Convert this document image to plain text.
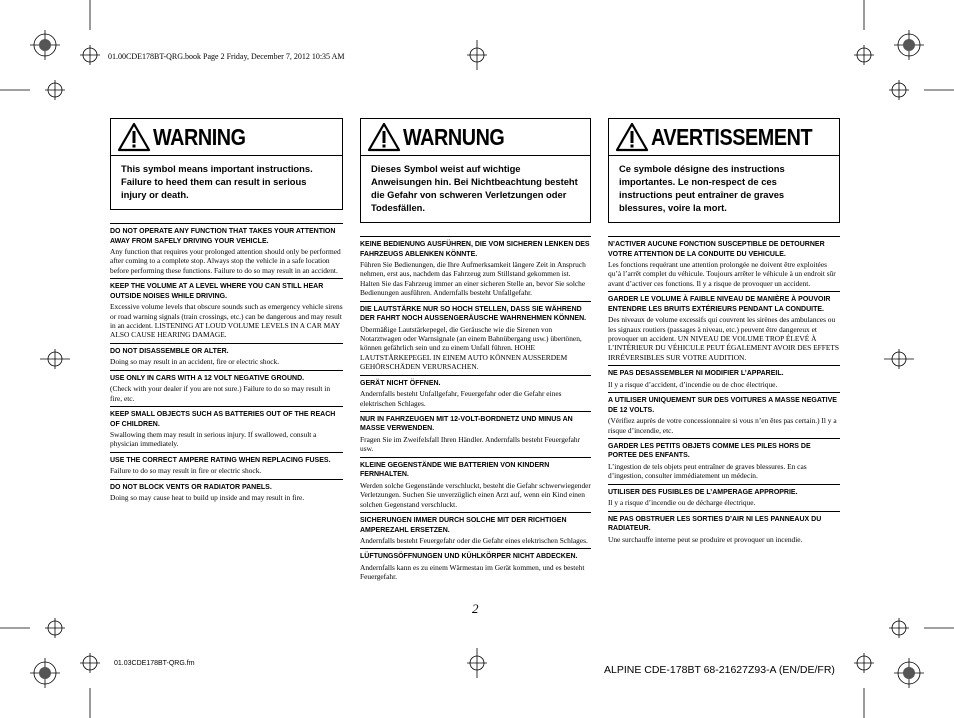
01.00CDE178BT-QRG.book Page 2 Friday, December 7, 2012 10:35 AM
WARNING
This symbol means important instructions. Failure to heed them can result in serious injury or death.
DO NOT OPERATE ANY FUNCTION THAT TAKES YOUR ATTENTION AWAY FROM SAFELY DRIVING YOUR VEHICLE.
Any function that requires your prolonged attention should only be performed after coming to a complete stop. Always stop the vehicle in a safe location before performing these functions. Failure to do so may result in an accident.
KEEP THE VOLUME AT A LEVEL WHERE YOU CAN STILL HEAR OUTSIDE NOISES WHILE DRIVING.
Excessive volume levels that obscure sounds such as emergency vehicle sirens or road warning signals (train crossings, etc.) can be dangerous and may result in an accident. LISTENING AT LOUD VOLUME LEVELS IN A CAR MAY ALSO CAUSE HEARING DAMAGE.
DO NOT DISASSEMBLE OR ALTER.
Doing so may result in an accident, fire or electric shock.
USE ONLY IN CARS WITH A 12 VOLT NEGATIVE GROUND.
(Check with your dealer if you are not sure.) Failure to do so may result in fire, etc.
KEEP SMALL OBJECTS SUCH AS BATTERIES OUT OF THE REACH OF CHILDREN.
Swallowing them may result in serious injury. If swallowed, consult a physician immediately.
USE THE CORRECT AMPERE RATING WHEN REPLACING FUSES.
Failure to do so may result in fire or electric shock.
DO NOT BLOCK VENTS OR RADIATOR PANELS.
Doing so may cause heat to build up inside and may result in fire.
WARNUNG
Dieses Symbol weist auf wichtige Anweisungen hin. Bei Nichtbeachtung besteht die Gefahr von schweren Verletzungen oder Todesfällen.
KEINE BEDIENUNG AUSFÜHREN, DIE VOM SICHEREN LENKEN DES FAHRZEUGS ABLENKEN KÖNNTE.
Führen Sie Bedienungen, die Ihre Aufmerksamkeit längere Zeit in Anspruch nehmen, erst aus, nachdem das Fahrzeug zum Stillstand gekommen ist. Halten Sie das Fahrzeug immer an einer sicheren Stelle an, bevor Sie solche Bedienungen ausführen. Andernfalls besteht Unfallgefahr.
DIE LAUTSTÄRKE NUR SO HOCH STELLEN, DASS SIE WÄHREND DER FAHRT NOCH AUSSENGERÄUSCHE WAHRNEHMEN KÖNNEN.
Übermäßige Lautstärkepegel, die Geräusche wie die Sirenen von Notarztwagen oder Warnsignale (an einem Bahnübergang usw.) übertönen, können gefährlich sein und zu einem Unfall führen. HOHE LAUTSTÄRKEPEGEL IN EINEM AUTO KÖNNEN AUSSERDEM GEHÖRSCHÄDEN VERURSACHEN.
GERÄT NICHT ÖFFNEN.
Andernfalls besteht Unfallgefahr, Feuergefahr oder die Gefahr eines elektrischen Schlages.
NUR IN FAHRZEUGEN MIT 12-VOLT-BORDNETZ UND MINUS AN MASSE VERWENDEN.
Fragen Sie im Zweifelsfall Ihren Händler. Andernfalls besteht Feuergefahr usw.
KLEINE GEGENSTÄNDE WIE BATTERIEN VON KINDERN FERNHALTEN.
Werden solche Gegenstände verschluckt, besteht die Gefahr schwerwiegender Verletzungen. Suchen Sie unverzüglich einen Arzt auf, wenn ein Kind einen solchen Gegenstand verschluckt.
SICHERUNGEN IMMER DURCH SOLCHE MIT DER RICHTIGEN AMPEREZAHL ERSETZEN.
Andernfalls besteht Feuergefahr oder die Gefahr eines elektrischen Schlages.
LÜFTUNGSÖFFNUNGEN UND KÜHLKÖRPER NICHT ABDECKEN.
Andernfalls kann es zu einem Wärmestau im Gerät kommen, und es besteht Feuergefahr.
AVERTISSEMENT
Ce symbole désigne des instructions importantes. Le non-respect de ces instructions peut entraîner de graves blessures, voire la mort.
N’ACTIVER AUCUNE FONCTION SUSCEPTIBLE DE DETOURNER VOTRE ATTENTION DE LA CONDUITE DU VEHICULE.
Les fonctions requérant une attention prolongée ne doivent être exploitées qu’à l’arrêt complet du véhicule. Toujours arrêter le véhicule à un endroit sûr avant d’activer ces fonctions. Il y a risque de provoquer un accident.
GARDER LE VOLUME À FAIBLE NIVEAU DE MANIÈRE À POUVOIR ENTENDRE LES BRUITS EXTÉRIEURS PENDANT LA CONDUITE.
Des niveaux de volume excessifs qui couvrent les sirènes des ambulances ou les signaux routiers (passages à niveau, etc.) peuvent être dangereux et provoquer un accident. UN NIVEAU DE VOLUME TROP ÉLEVÉ À L’INTÉRIEUR DU VÉHICULE PEUT ÉGALEMENT AVOIR DES EFFETS IRRÉVERSIBLES SUR VOTRE AUDITION.
NE PAS DESASSEMBLER NI MODIFIER L’APPAREIL.
Il y a risque d’accident, d’incendie ou de choc électrique.
A UTILISER UNIQUEMENT SUR DES VOITURES A MASSE NEGATIVE DE 12 VOLTS.
(Vérifiez auprès de votre concessionnaire si vous n’en êtes pas certain.) Il y a risque d’incendie, etc.
GARDER LES PETITS OBJETS COMME LES PILES HORS DE PORTEE DES ENFANTS.
L’ingestion de tels objets peut entraîner de graves blessures. En cas d’ingestion, consulter immédiatement un médecin.
UTILISER DES FUSIBLES DE L’AMPERAGE APPROPRIE.
Il y a risque d’incendie ou de décharge électrique.
NE PAS OBSTRUER LES SORTIES D’AIR NI LES PANNEAUX DU RADIATEUR.
Une surchauffe interne peut se produire et provoquer un incendie.
2
01.03CDE178BT-QRG.fm
ALPINE CDE-178BT 68-21627Z93-A (EN/DE/FR)
